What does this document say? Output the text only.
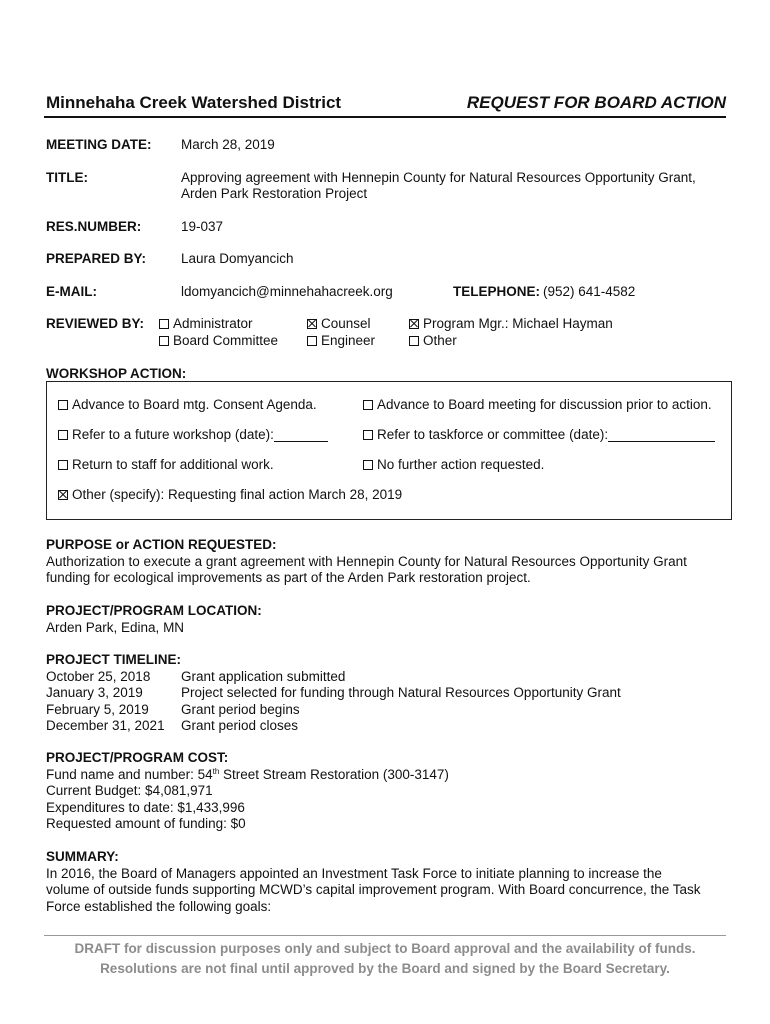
Minnehaha Creek Watershed District	REQUEST FOR BOARD ACTION
MEETING DATE: March 28, 2019
TITLE:	Approving agreement with Hennepin County for Natural Resources Opportunity Grant,
Arden Park Restoration Project
RES.NUMBER:	19-037
PREPARED BY:	Laura Domyancich
E-MAIL:	ldomyancich@minnehahacreek.org	TELEPHONE: (952) 641-4582
REVIEWED BY:	Administrator	Counsel	Program Mgr.: Michael Hayman
Board Committee	Engineer	Other
WORKSHOP ACTION:
Advance to Board mtg. Consent Agenda.	Advance to Board meeting for discussion prior to action.
Refer to a future workshop (date):	Refer to taskforce or committee (date):
Return to staff for additional work.	No further action requested.
Other (specify): Requesting final action March 28, 2019
PURPOSE or ACTION REQUESTED:
Authorization to execute a grant agreement with Hennepin County for Natural Resources Opportunity Grant
funding for ecological improvements as part of the Arden Park restoration project.
PROJECT/PROGRAM LOCATION:
Arden Park, Edina, MN
PROJECT TIMELINE:
October 25, 2018 Grant application submitted
January 3, 2019	Project selected for funding through Natural Resources Opportunity Grant
February 5, 2019 Grant period begins
December 31, 2021 Grant period closes
PROJECT/PROGRAM COST:
Fund name and number: 54th Street Stream Restoration (300-3147)
Current Budget: $4,081,971
Expenditures to date: $1,433,996
Requested amount of funding: $0
SUMMARY:
In 2016, the Board of Managers appointed an Investment Task Force to initiate planning to increase the
volume of outside funds supporting MCWD’s capital improvement program. With Board concurrence, the Task
Force established the following goals:
DRAFT for discussion purposes only and subject to Board approval and the availability of funds.
Resolutions are not final until approved by the Board and signed by the Board Secretary.
